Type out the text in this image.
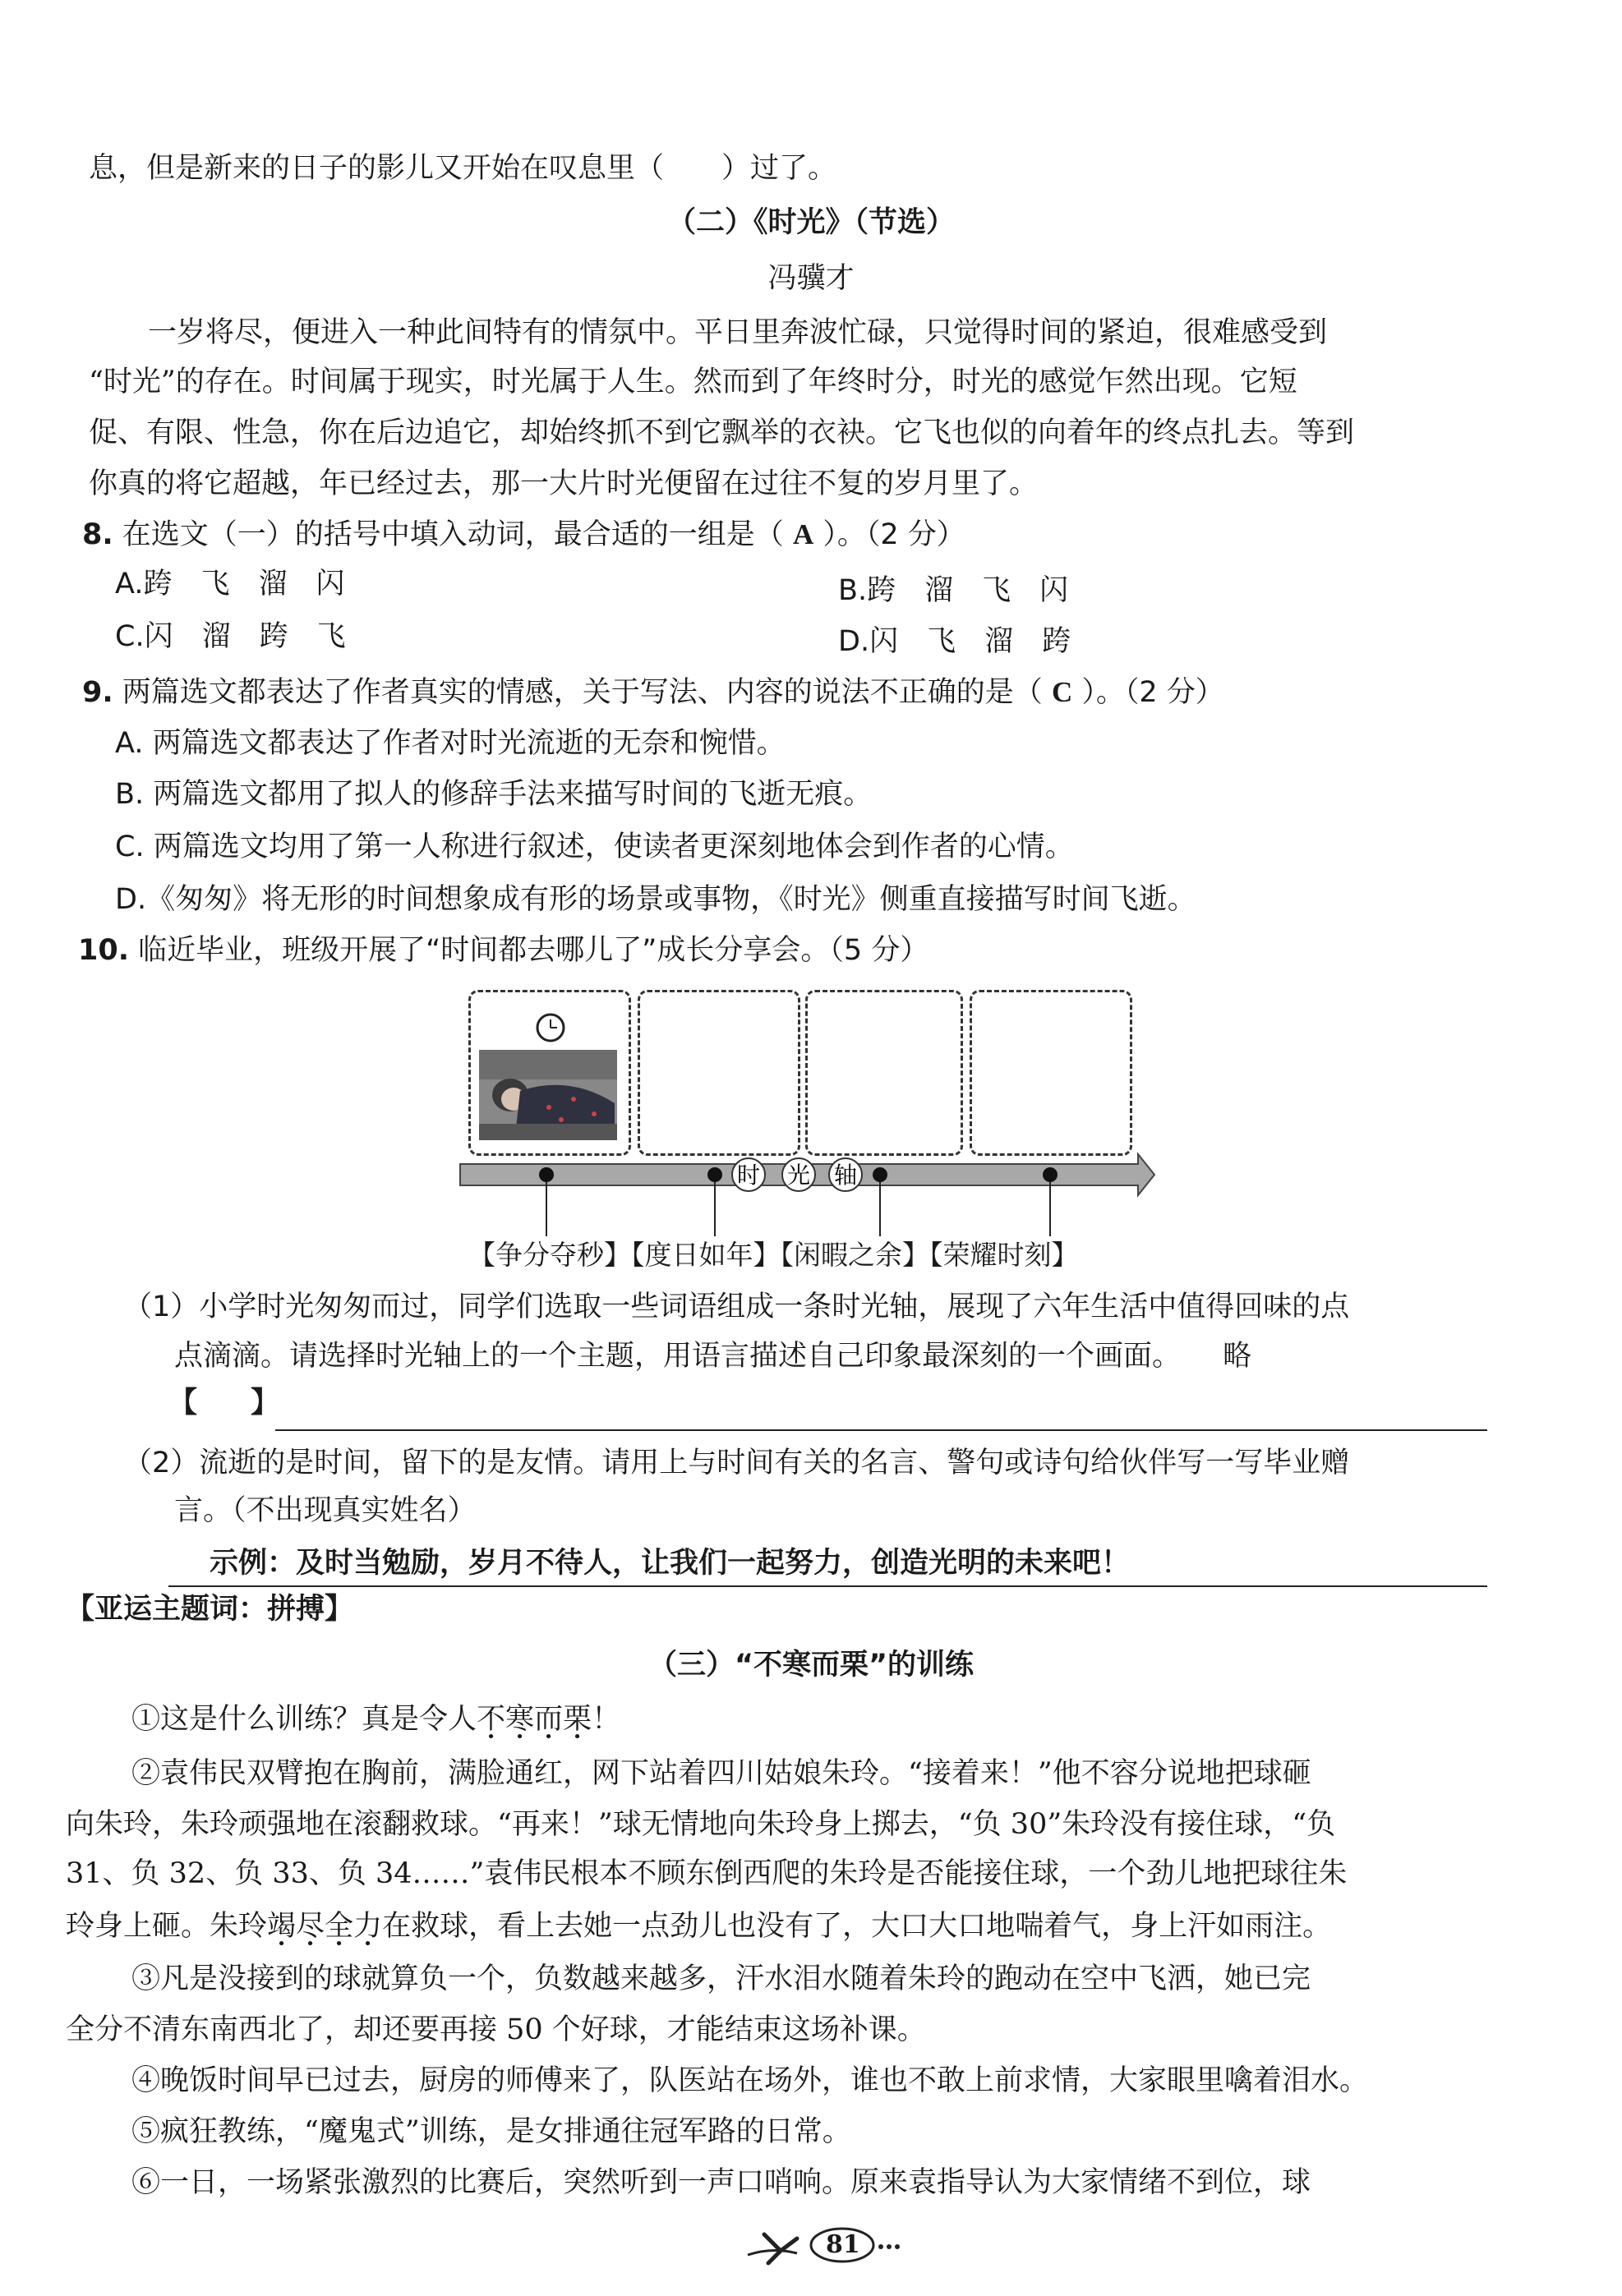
息，但是新来的日子的影儿又开始在叹息里（　　）过了。
（二）《时光》（节选）
冯骥才
　一岁将尽，便进入一种此间特有的情氛中。平日里奔波忙碌，只觉得时间的紧迫，很难感受到
“时光”的存在。时间属于现实，时光属于人生。然而到了年终时分，时光的感觉乍然出现。它短
促、有限、性急，你在后边追它，却始终抓不到它飘举的衣袂。它飞也似的向着年的终点扎去。等到
你真的将它超越，年已经过去，那一大片时光便留在过往不复的岁月里了。
8. 在选文（一）的括号中填入动词，最合适的一组是（ A ）。（2 分）
A.跨　飞　溜　闪	B.跨　溜　飞　闪
C.闪　溜　跨　飞	D.闪　飞　溜　跨
9. 两篇选文都表达了作者真实的情感，关于写法、内容的说法不正确的是（ C ）。（2 分）
A. 两篇选文都表达了作者对时光流逝的无奈和惋惜。
B. 两篇选文都用了拟人的修辞手法来描写时间的飞逝无痕。
C. 两篇选文均用了第一人称进行叙述，使读者更深刻地体会到作者的心情。
D.《匆匆》将无形的时间想象成有形的场景或事物，《时光》侧重直接描写时间飞逝。
10. 临近毕业，班级开展了“时间都去哪儿了”成长分享会。（5 分）
时 光 轴
【争分夺秒】【度日如年】【闲暇之余】【荣耀时刻】
（1）小学时光匆匆而过，同学们选取一些词语组成一条时光轴，展现了六年生活中值得回味的点
点滴滴。请选择时光轴上的一个主题，用语言描述自己印象最深刻的一个画面。 略
【 】
（2）流逝的是时间，留下的是友情。请用上与时间有关的名言、警句或诗句给伙伴写一写毕业赠
言。（不出现真实姓名）
示例：及时当勉励，岁月不待人，让我们一起努力，创造光明的未来吧！
【亚运主题词：拼搏】
（三）“不寒而栗”的训练
①这是什么训练？真是令人不寒而栗！
②袁伟民双臂抱在胸前，满脸通红，网下站着四川姑娘朱玲。“接着来！”他不容分说地把球砸
向朱玲，朱玲顽强地在滚翻救球。“再来！”球无情地向朱玲身上掷去，“负 30”朱玲没有接住球，“负
31、负 32、负 33、负 34……”袁伟民根本不顾东倒西爬的朱玲是否能接住球，一个劲儿地把球往朱
玲身上砸。朱玲竭尽全力在救球，看上去她一点劲儿也没有了，大口大口地喘着气，身上汗如雨注。
③凡是没接到的球就算负一个，负数越来越多，汗水泪水随着朱玲的跑动在空中飞洒，她已完
全分不清东南西北了，却还要再接 50 个好球，才能结束这场补课。
④晚饭时间早已过去，厨房的师傅来了，队医站在场外，谁也不敢上前求情，大家眼里噙着泪水。
⑤疯狂教练，“魔鬼式”训练，是女排通往冠军路的日常。
⑥一日，一场紧张激烈的比赛后，突然听到一声口哨响。原来袁指导认为大家情绪不到位，球
81
